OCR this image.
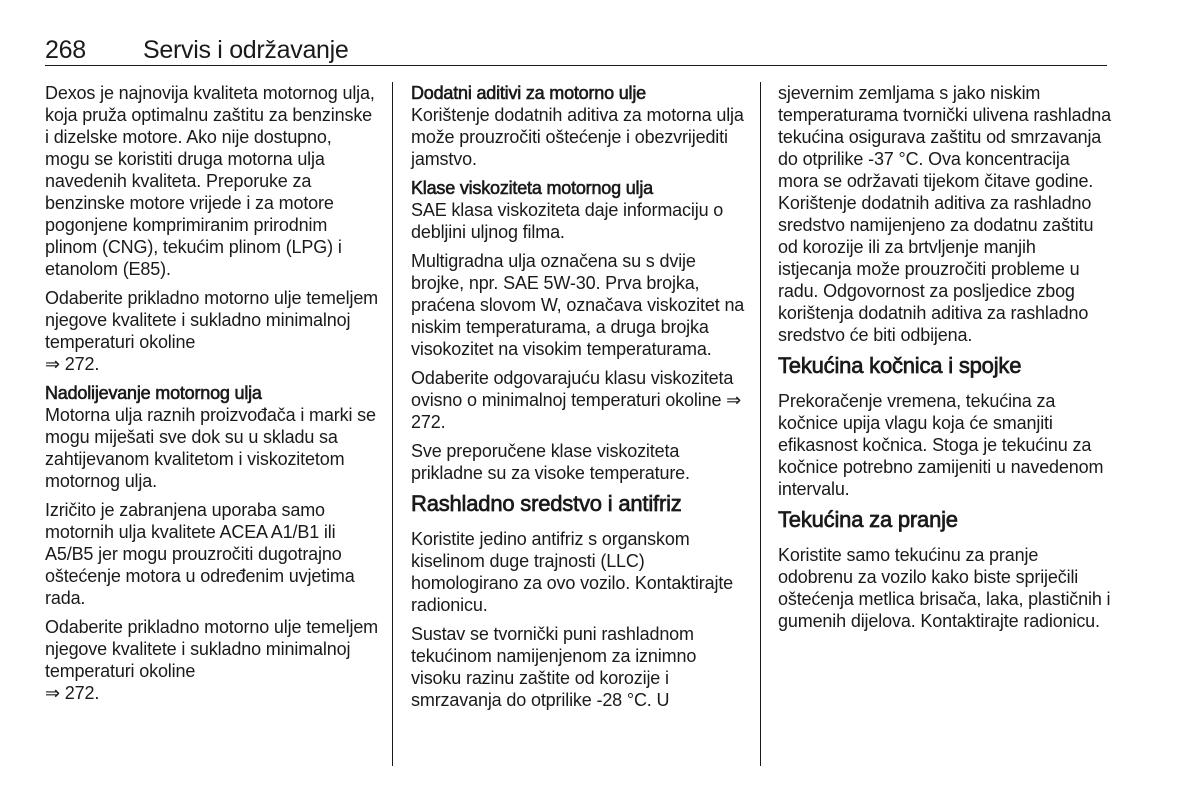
268 Servis i održavanje

Dexos je najnovija kvaliteta motornog ulja, koja pruža optimalnu zaštitu za benzinske i dizelske motore. Ako nije dostupno, mogu se koristiti druga motorna ulja navedenih kvaliteta. Preporuke za benzinske motore vrijede i za motore pogonjene komprimiranim prirodnim plinom (CNG), tekućim plinom (LPG) i etanolom (E85).

Odaberite prikladno motorno ulje temeljem njegove kvalitete i sukladno minimalnoj temperaturi okoline
⇒ 272.

Nadolijevanje motornog ulja

Motorna ulja raznih proizvođača i marki se mogu miješati sve dok su u skladu sa zahtijevanom kvalitetom i viskozitetom motornog ulja.

Izričito je zabranjena uporaba samo motornih ulja kvalitete ACEA A1/B1 ili A5/B5 jer mogu prouzročiti dugotrajno oštećenje motora u određenim uvjetima rada.

Odaberite prikladno motorno ulje temeljem njegove kvalitete i sukladno minimalnoj temperaturi okoline
⇒ 272.

Dodatni aditivi za motorno ulje

Korištenje dodatnih aditiva za motorna ulja može prouzročiti oštećenje i obezvrijediti jamstvo.

Klase viskoziteta motornog ulja

SAE klasa viskoziteta daje informaciju o debljini uljnog filma.

Multigradna ulja označena su s dvije brojke, npr. SAE 5W-30. Prva brojka, praćena slovom W, označava viskozitet na niskim temperaturama, a druga brojka visokozitet na visokim temperaturama.

Odaberite odgovarajuću klasu viskoziteta ovisno o minimalnoj temperaturi okoline ⇒ 272.

Sve preporučene klase viskoziteta prikladne su za visoke temperature.

Rashladno sredstvo i antifriz

Koristite jedino antifriz s organskom kiselinom duge trajnosti (LLC) homologirano za ovo vozilo. Kontaktirajte radionicu.

Sustav se tvornički puni rashladnom tekućinom namijenjenom za iznimno visoku razinu zaštite od korozije i smrzavanja do otprilike -28 °C. U

sjevernim zemljama s jako niskim temperaturama tvornički ulivena rashladna tekućina osigurava zaštitu od smrzavanja do otprilike -37 °C. Ova koncentracija mora se održavati tijekom čitave godine. Korištenje dodatnih aditiva za rashladno sredstvo namijenjeno za dodatnu zaštitu od korozije ili za brtvljenje manjih istjecanja može prouzročiti probleme u radu. Odgovornost za posljedice zbog korištenja dodatnih aditiva za rashladno sredstvo će biti odbijena.

Tekućina kočnica i spojke

Prekoračenje vremena, tekućina za kočnice upija vlagu koja će smanjiti efikasnost kočnica. Stoga je tekućinu za kočnice potrebno zamijeniti u navedenom intervalu.

Tekućina za pranje

Koristite samo tekućinu za pranje odobrenu za vozilo kako biste spriječili oštećenja metlica brisača, laka, plastičnih i gumenih dijelova. Kontaktirajte radionicu.
